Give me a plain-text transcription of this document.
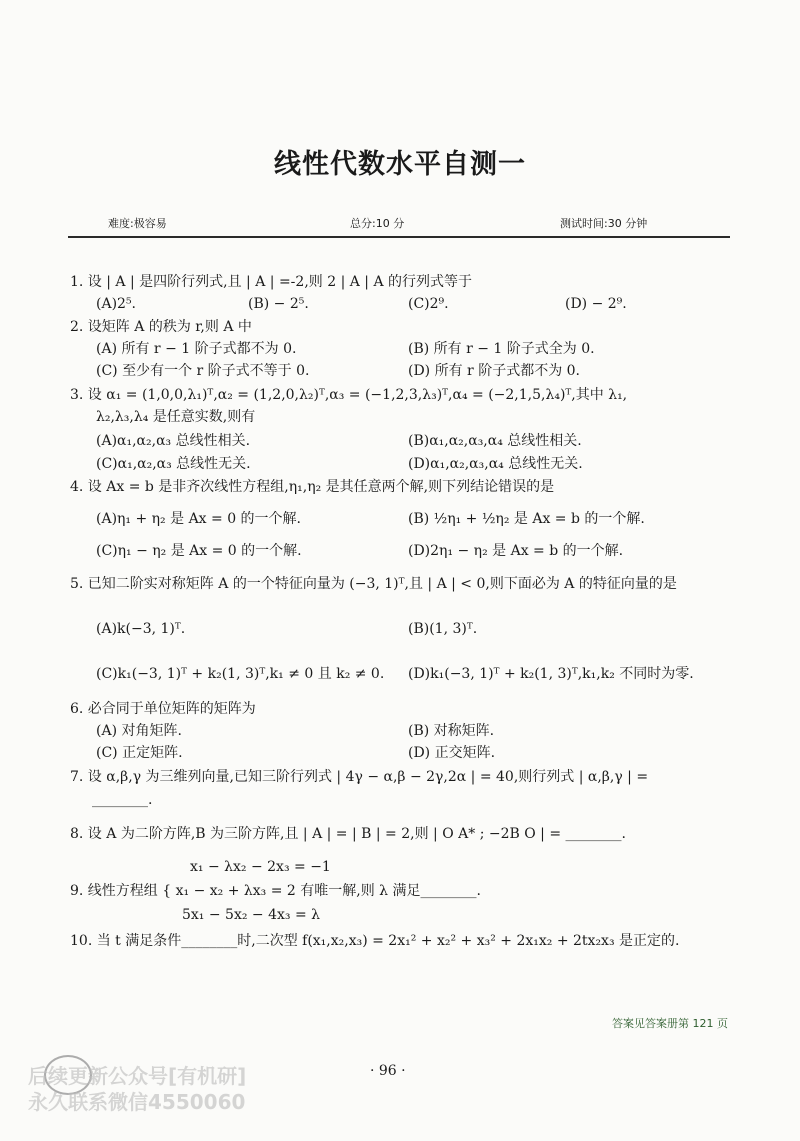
线性代数水平自测一
难度:极容易	总分:10 分	测试时间:30 分钟
1. 设 | A | 是四阶行列式,且 | A | =-2,则 2 | A | A 的行列式等于
(A)2⁵.	(B) − 2⁵.	(C)2⁹.	(D) − 2⁹.
2. 设矩阵 A 的秩为 r,则 A 中
(A) 所有 r − 1 阶子式都不为 0.	(B) 所有 r − 1 阶子式全为 0.
(C) 至少有一个 r 阶子式不等于 0.	(D) 所有 r 阶子式都不为 0.
3. 设 α₁ = (1,0,0,λ₁)ᵀ,α₂ = (1,2,0,λ₂)ᵀ,α₃ = (−1,2,3,λ₃)ᵀ,α₄ = (−2,1,5,λ₄)ᵀ,其中 λ₁,
λ₂,λ₃,λ₄ 是任意实数,则有
(A)α₁,α₂,α₃ 总线性相关.	(B)α₁,α₂,α₃,α₄ 总线性相关.
(C)α₁,α₂,α₃ 总线性无关.	(D)α₁,α₂,α₃,α₄ 总线性无关.
4. 设 Ax = b 是非齐次线性方程组,η₁,η₂ 是其任意两个解,则下列结论错误的是
(A)η₁ + η₂ 是 Ax = 0 的一个解.	(B) ½η₁ + ½η₂ 是 Ax = b 的一个解.
(C)η₁ − η₂ 是 Ax = 0 的一个解.	(D)2η₁ − η₂ 是 Ax = b 的一个解.
5. 已知二阶实对称矩阵 A 的一个特征向量为 (−3, 1)ᵀ,且 | A | < 0,则下面必为 A 的特征向量的是
(A)k(−3, 1)ᵀ.	(B)(1, 3)ᵀ.
(C)k₁(−3, 1)ᵀ + k₂(1, 3)ᵀ,k₁ ≠ 0 且 k₂ ≠ 0. (D)k₁(−3, 1)ᵀ + k₂(1, 3)ᵀ,k₁,k₂ 不同时为零.
6. 必合同于单位矩阵的矩阵为
(A) 对角矩阵.	(B) 对称矩阵.
(C) 正定矩阵.	(D) 正交矩阵.
7. 设 α,β,γ 为三维列向量,已知三阶行列式 | 4γ − α,β − 2γ,2α | = 40,则行列式 | α,β,γ | =
________.
8. 设 A 为二阶方阵,B 为三阶方阵,且 | A | = | B | = 2,则 | O A* ; −2B O | = ________.
x₁ − λx₂ − 2x₃ = −1
9. 线性方程组 { x₁ − x₂ + λx₃ = 2 有唯一解,则 λ 满足________.
5x₁ − 5x₂ − 4x₃ = λ
10. 当 t 满足条件________时,二次型 f(x₁,x₂,x₃) = 2x₁² + x₂² + x₃² + 2x₁x₂ + 2tx₂x₃ 是正定的.
答案见答案册第 121 页
· 96 ·
后续更新公众号[有机研]
永久联系微信4550060
